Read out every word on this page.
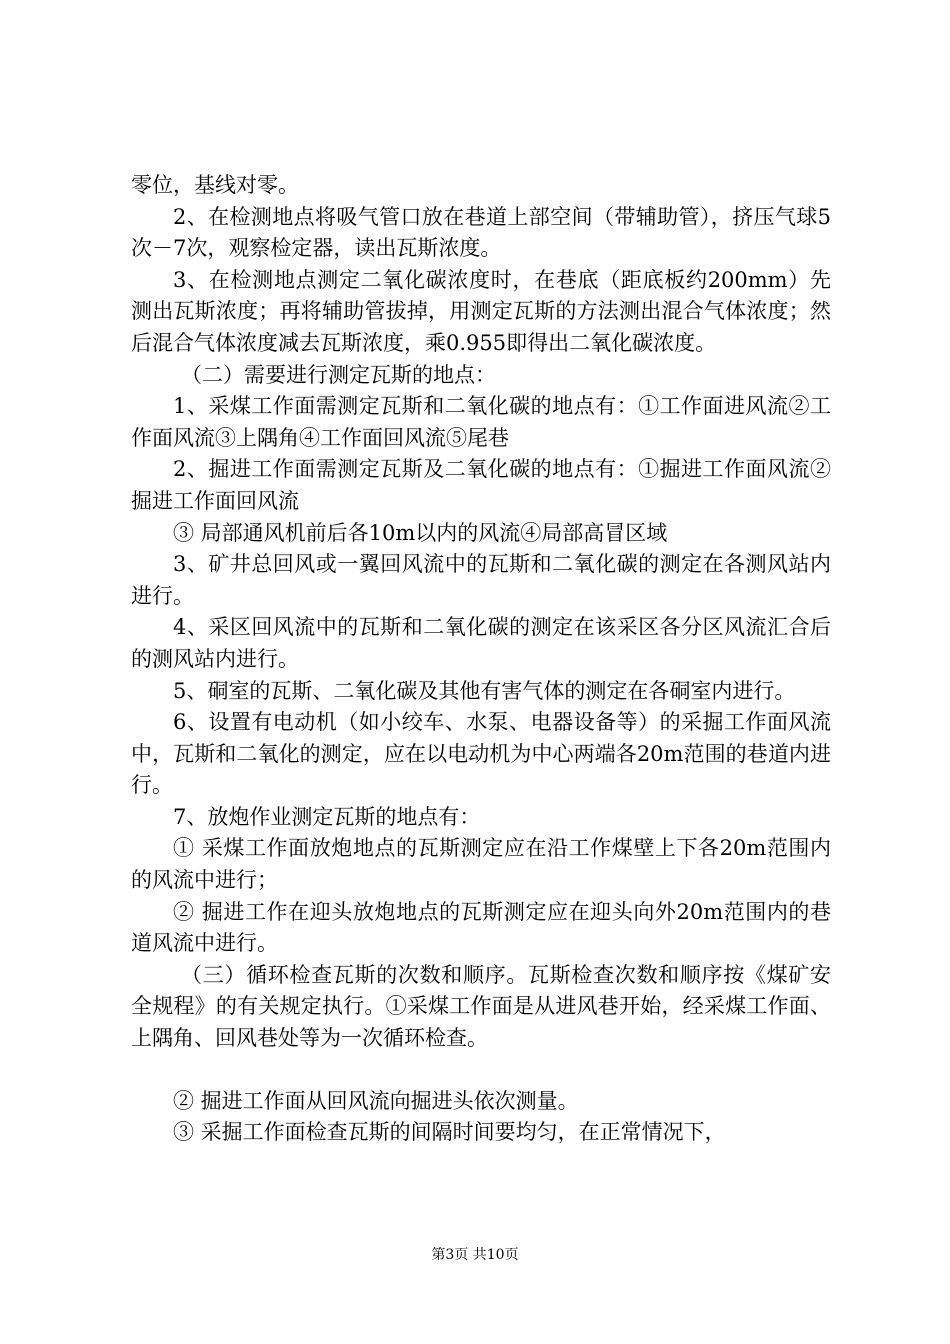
零位，基线对零。

2、在检测地点将吸气管口放在巷道上部空间（带辅助管），挤压气球5次－7次，观察检定器，读出瓦斯浓度。

3、在检测地点测定二氧化碳浓度时，在巷底（距底板约200mm）先测出瓦斯浓度；再将辅助管拔掉，用测定瓦斯的方法测出混合气体浓度；然后混合气体浓度减去瓦斯浓度，乘0.955即得出二氧化碳浓度。

（二）需要进行测定瓦斯的地点：

1、采煤工作面需测定瓦斯和二氧化碳的地点有：①工作面进风流②工作面风流③上隅角④工作面回风流⑤尾巷

2、掘进工作面需测定瓦斯及二氧化碳的地点有：①掘进工作面风流②掘进工作面回风流

③ 局部通风机前后各10m以内的风流④局部高冒区域

3、矿井总回风或一翼回风流中的瓦斯和二氧化碳的测定在各测风站内进行。

4、采区回风流中的瓦斯和二氧化碳的测定在该采区各分区风流汇合后的测风站内进行。

5、硐室的瓦斯、二氧化碳及其他有害气体的测定在各硐室内进行。

6、设置有电动机（如小绞车、水泵、电器设备等）的采掘工作面风流中，瓦斯和二氧化的测定，应在以电动机为中心两端各20m范围的巷道内进行。

7、放炮作业测定瓦斯的地点有：

① 采煤工作面放炮地点的瓦斯测定应在沿工作煤壁上下各20m范围内的风流中进行；

② 掘进工作在迎头放炮地点的瓦斯测定应在迎头向外20m范围内的巷道风流中进行。

（三）循环检查瓦斯的次数和顺序。瓦斯检查次数和顺序按《煤矿安全规程》的有关规定执行。①采煤工作面是从进风巷开始，经采煤工作面、上隅角、回风巷处等为一次循环检查。

② 掘进工作面从回风流向掘进头依次测量。

③ 采掘工作面检查瓦斯的间隔时间要均匀，在正常情况下，

第3页 共10页
